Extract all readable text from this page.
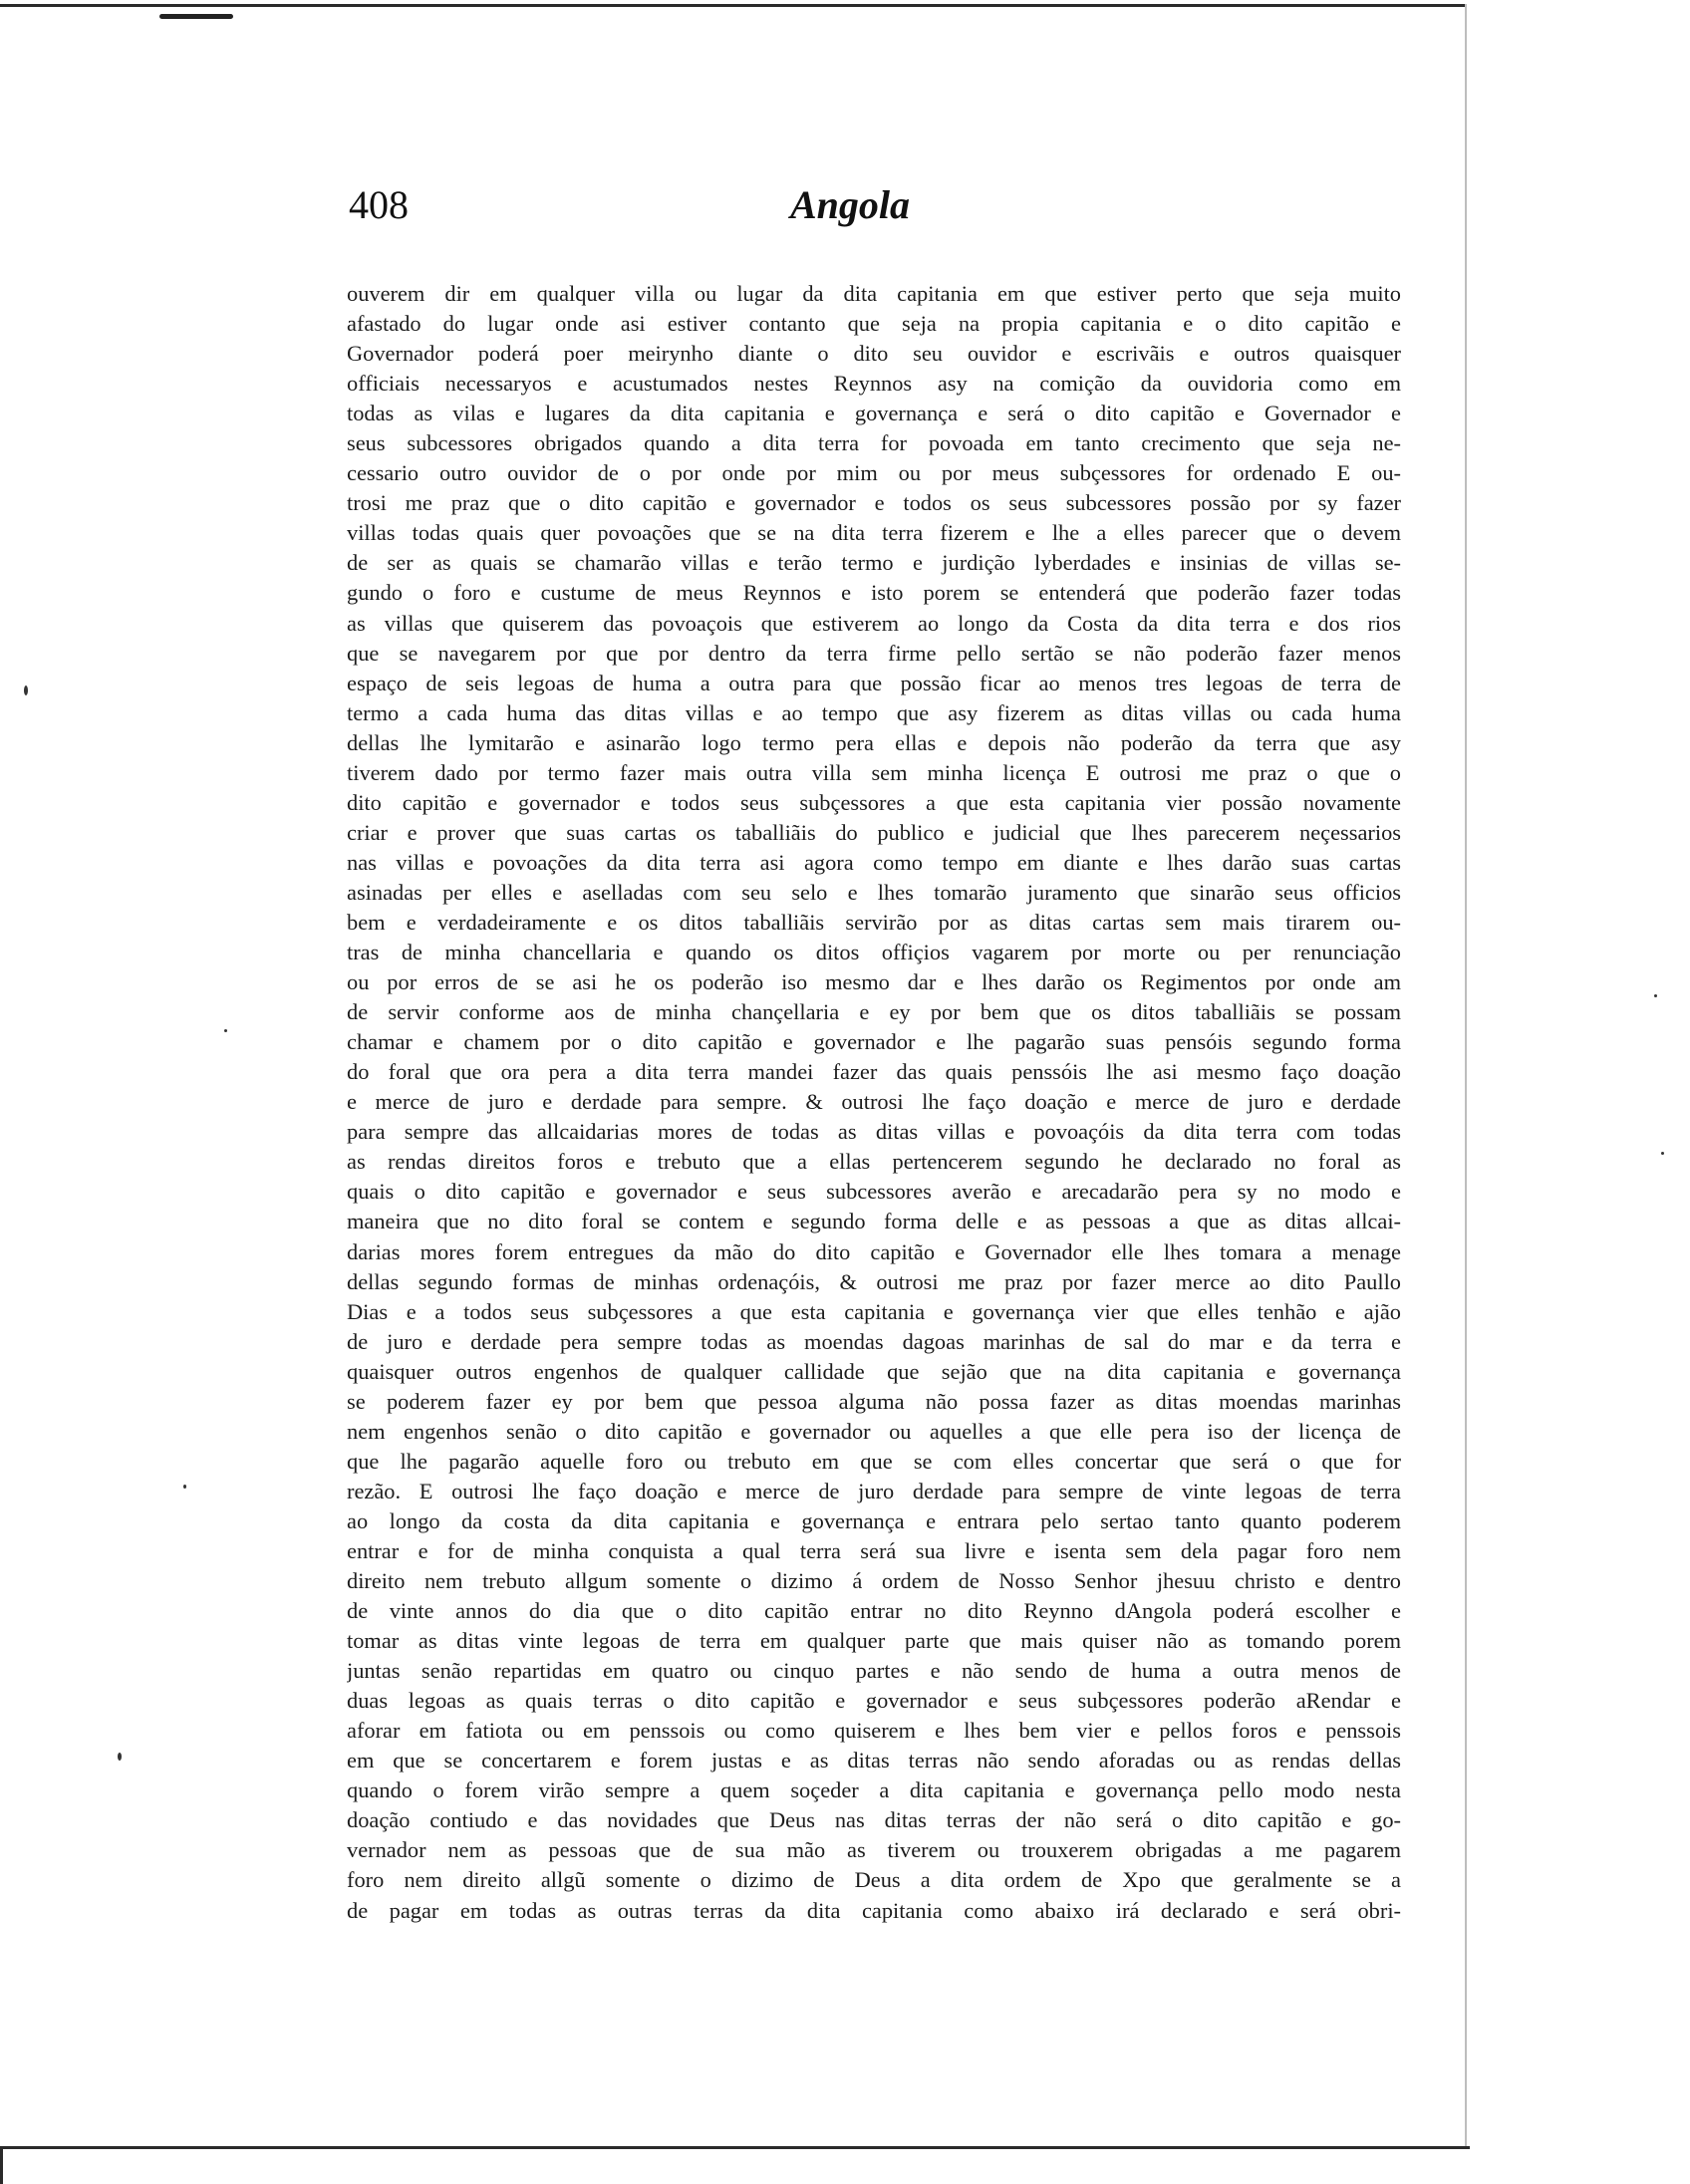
408	Angola
ouverem dir em qualquer villa ou lugar da dita capitania em que estiver perto que seja muito
afastado do lugar onde asi estiver contanto que seja na propia capitania e o dito capitão e
Governador poderá poer meirynho diante o dito seu ouvidor e escrivãis e outros quaisquer
officiais necessaryos e acustumados nestes Reynnos asy na comição da ouvidoria como em
todas as vilas e lugares da dita capitania e governança e será o dito capitão e Governador e
seus subcessores obrigados quando a dita terra for povoada em tanto crecimento que seja ne-
cessario outro ouvidor de o por onde por mim ou por meus subçessores for ordenado E ou-
trosi me praz que o dito capitão e governador e todos os seus subcessores possão por sy fazer
villas todas quais quer povoações que se na dita terra fizerem e lhe a elles parecer que o devem
de ser as quais se chamarão villas e terão termo e jurdição lyberdades e insinias de villas se-
gundo o foro e custume de meus Reynnos e isto porem se entenderá que poderão fazer todas
as villas que quiserem das povoaçois que estiverem ao longo da Costa da dita terra e dos rios
que se navegarem por que por dentro da terra firme pello sertão se não poderão fazer menos
espaço de seis legoas de huma a outra para que possão ficar ao menos tres legoas de terra de
termo a cada huma das ditas villas e ao tempo que asy fizerem as ditas villas ou cada huma
dellas lhe lymitarão e asinarão logo termo pera ellas e depois não poderão da terra que asy
tiverem dado por termo fazer mais outra villa sem minha licença E outrosi me praz o que o
dito capitão e governador e todos seus subçessores a que esta capitania vier possão novamente
criar e prover que suas cartas os taballiãis do publico e judicial que lhes parecerem neçessarios
nas villas e povoações da dita terra asi agora como tempo em diante e lhes darão suas cartas
asinadas per elles e aselladas com seu selo e lhes tomarão juramento que sinarão seus officios
bem e verdadeiramente e os ditos taballiãis servirão por as ditas cartas sem mais tirarem ou-
tras de minha chancellaria e quando os ditos offiçios vagarem por morte ou per renunciação
ou por erros de se asi he os poderão iso mesmo dar e lhes darão os Regimentos por onde am
de servir conforme aos de minha chançellaria e ey por bem que os ditos taballiãis se possam
chamar e chamem por o dito capitão e governador e lhe pagarão suas pensóis segundo forma
do foral que ora pera a dita terra mandei fazer das quais penssóis lhe asi mesmo faço doação
e merce de juro e derdade para sempre. & outrosi lhe faço doação e merce de juro e derdade
para sempre das allcaidarias mores de todas as ditas villas e povoaçóis da dita terra com todas
as rendas direitos foros e trebuto que a ellas pertencerem segundo he declarado no foral as
quais o dito capitão e governador e seus subcessores averão e arecadarão pera sy no modo e
maneira que no dito foral se contem e segundo forma delle e as pessoas a que as ditas allcai-
darias mores forem entregues da mão do dito capitão e Governador elle lhes tomara a menage
dellas segundo formas de minhas ordenaçóis, & outrosi me praz por fazer merce ao dito Paullo
Dias e a todos seus subçessores a que esta capitania e governança vier que elles tenhão e ajão
de juro e derdade pera sempre todas as moendas dagoas marinhas de sal do mar e da terra e
quaisquer outros engenhos de qualquer callidade que sejão que na dita capitania e governança
se poderem fazer ey por bem que pessoa alguma não possa fazer as ditas moendas marinhas
nem engenhos senão o dito capitão e governador ou aquelles a que elle pera iso der licença de
que lhe pagarão aquelle foro ou trebuto em que se com elles concertar que será o que for
rezão. E outrosi lhe faço doação e merce de juro derdade para sempre de vinte legoas de terra
ao longo da costa da dita capitania e governança e entrara pelo sertao tanto quanto poderem
entrar e for de minha conquista a qual terra será sua livre e isenta sem dela pagar foro nem
direito nem trebuto allgum somente o dizimo á ordem de Nosso Senhor jhesuu christo e dentro
de vinte annos do dia que o dito capitão entrar no dito Reynno dAngola poderá escolher e
tomar as ditas vinte legoas de terra em qualquer parte que mais quiser não as tomando porem
juntas senão repartidas em quatro ou cinquo partes e não sendo de huma a outra menos de
duas legoas as quais terras o dito capitão e governador e seus subçessores poderão aRendar e
aforar em fatiota ou em penssois ou como quiserem e lhes bem vier e pellos foros e penssois
em que se concertarem e forem justas e as ditas terras não sendo aforadas ou as rendas dellas
quando o forem virão sempre a quem soçeder a dita capitania e governança pello modo nesta
doação contiudo e das novidades que Deus nas ditas terras der não será o dito capitão e go-
vernador nem as pessoas que de sua mão as tiverem ou trouxerem obrigadas a me pagarem
foro nem direito allgũ somente o dizimo de Deus a dita ordem de Xpo que geralmente se a
de pagar em todas as outras terras da dita capitania como abaixo irá declarado e será obri-
